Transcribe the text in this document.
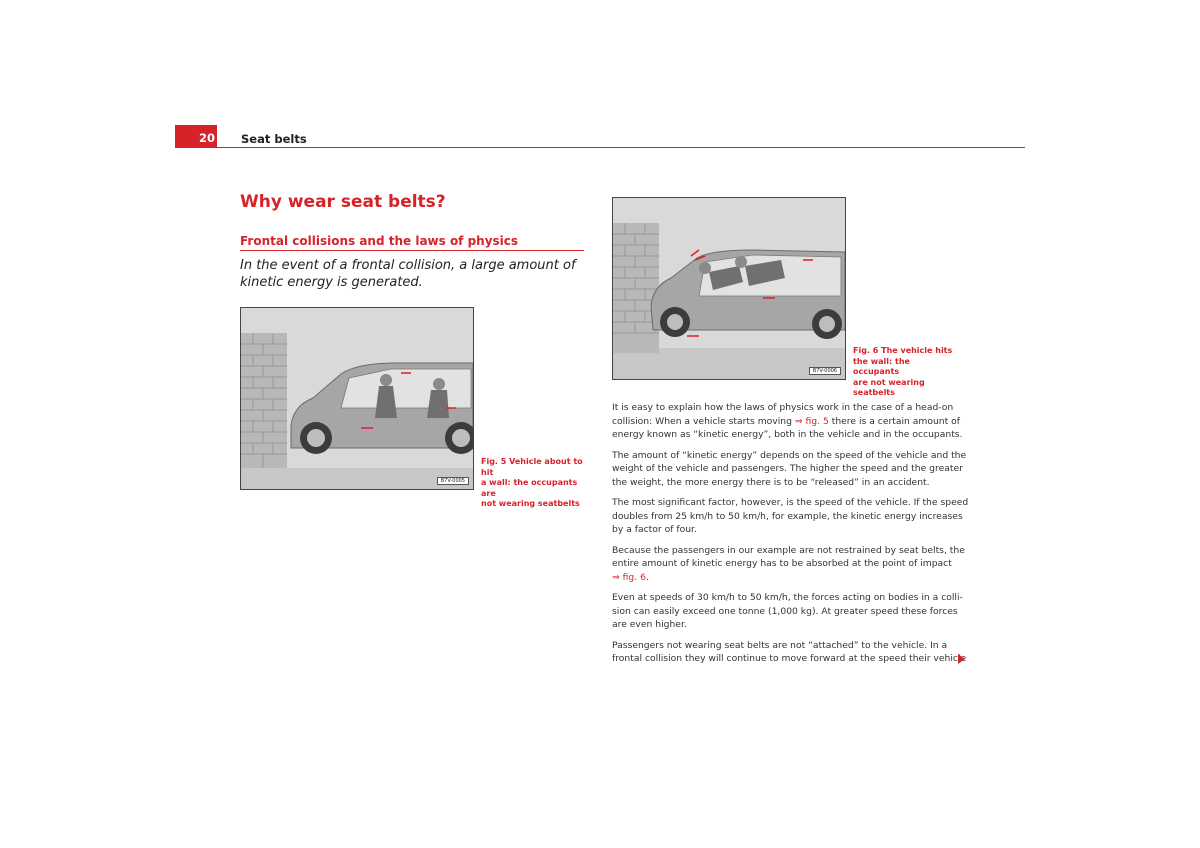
20 Seat belts
Why wear seat belts?
Frontal collisions and the laws of physics
In the event of a frontal collision, a large amount of kinetic energy is generated.
B7V-0005
Fig. 5 Vehicle about to hit
a wall: the occupants are
not wearing seatbelts
B7V-0006
Fig. 6 The vehicle hits
the wall: the occupants
are not wearing seatbelts

It is easy to explain how the laws of physics work in the case of a head-on
collision: When a vehicle starts moving ⇒ fig. 5 there is a certain amount of
energy known as “kinetic energy”, both in the vehicle and in the occupants.

The amount of “kinetic energy” depends on the speed of the vehicle and the
weight of the vehicle and passengers. The higher the speed and the greater
the weight, the more energy there is to be “released” in an accident.

The most significant factor, however, is the speed of the vehicle. If the speed
doubles from 25 km/h to 50 km/h, for example, the kinetic energy increases
by a factor of four.

Because the passengers in our example are not restrained by seat belts, the
entire amount of kinetic energy has to be absorbed at the point of impact
⇒ fig. 6.

Even at speeds of 30 km/h to 50 km/h, the forces acting on bodies in a colli-
sion can easily exceed one tonne (1,000 kg). At greater speed these forces
are even higher.

Passengers not wearing seat belts are not “attached” to the vehicle. In a
frontal collision they will continue to move forward at the speed their vehicle
